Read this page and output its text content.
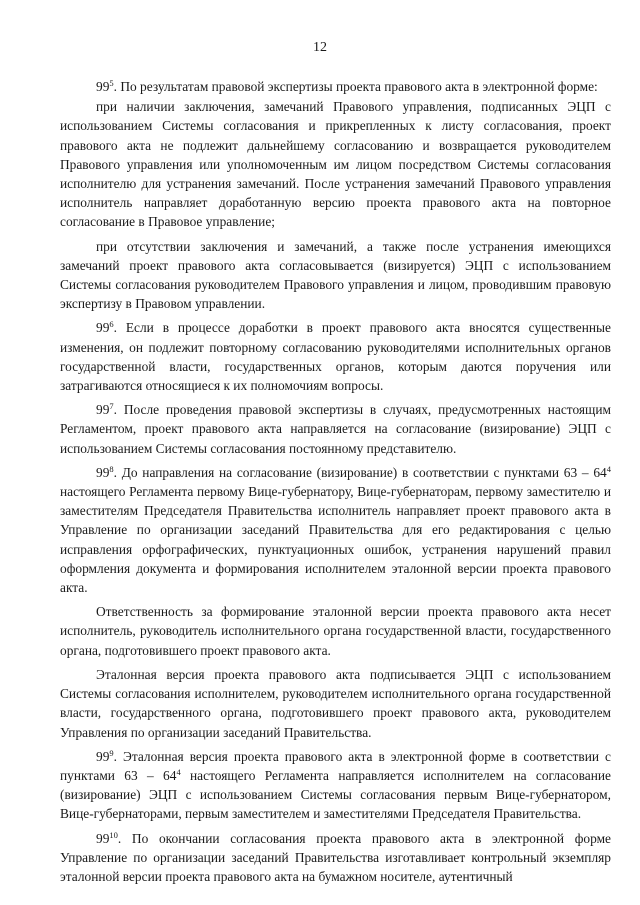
12

$99^5$. По результатам правовой экспертизы проекта правового акта в электронной форме:

при наличии заключения, замечаний Правового управления, подписанных ЭЦП с использованием Системы согласования и прикрепленных к листу согласования, проект правового акта не подлежит дальнейшему согласованию и возвращается руководителем Правового управления или уполномоченным им лицом посредством Системы согласования исполнителю для устранения замечаний. После устранения замечаний Правового управления исполнитель направляет доработанную версию проекта правового акта на повторное согласование в Правовое управление;

при отсутствии заключения и замечаний, а также после устранения имеющихся замечаний проект правового акта согласовывается (визируется) ЭЦП с использованием Системы согласования руководителем Правового управления и лицом, проводившим правовую экспертизу в Правовом управлении.

$99^6$. Если в процессе доработки в проект правового акта вносятся существенные изменения, он подлежит повторному согласованию руководителями исполнительных органов государственной власти, государственных органов, которым даются поручения или затрагиваются относящиеся к их полномочиям вопросы.

$99^7$. После проведения правовой экспертизы в случаях, предусмотренных настоящим Регламентом, проект правового акта направляется на согласование (визирование) ЭЦП с использованием Системы согласования постоянному представителю.

$99^8$. До направления на согласование (визирование) в соответствии с пунктами $63 - 64^4$ настоящего Регламента первому Вице-губернатору, Вице-губернаторам, первому заместителю и заместителям Председателя Правительства исполнитель направляет проект правового акта в Управление по организации заседаний Правительства для его редактирования с целью исправления орфографических, пунктуационных ошибок, устранения нарушений правил оформления документа и формирования исполнителем эталонной версии проекта правового акта.

Ответственность за формирование эталонной версии проекта правового акта несет исполнитель, руководитель исполнительного органа государственной власти, государственного органа, подготовившего проект правового акта.

Эталонная версия проекта правового акта подписывается ЭЦП с использованием Системы согласования исполнителем, руководителем исполнительного органа государственной власти, государственного органа, подготовившего проект правового акта, руководителем Управления по организации заседаний Правительства.

$99^9$. Эталонная версия проекта правового акта в электронной форме в соответствии с пунктами $63 - 64^4$ настоящего Регламента направляется исполнителем на согласование (визирование) ЭЦП с использованием Системы согласования первым Вице-губернатором, Вице-губернаторами, первым заместителем и заместителями Председателя Правительства.

$99^{10}$. По окончании согласования проекта правового акта в электронной форме Управление по организации заседаний Правительства изготавливает контрольный экземпляр эталонной версии проекта правового акта на бумажном носителе, аутентичный
